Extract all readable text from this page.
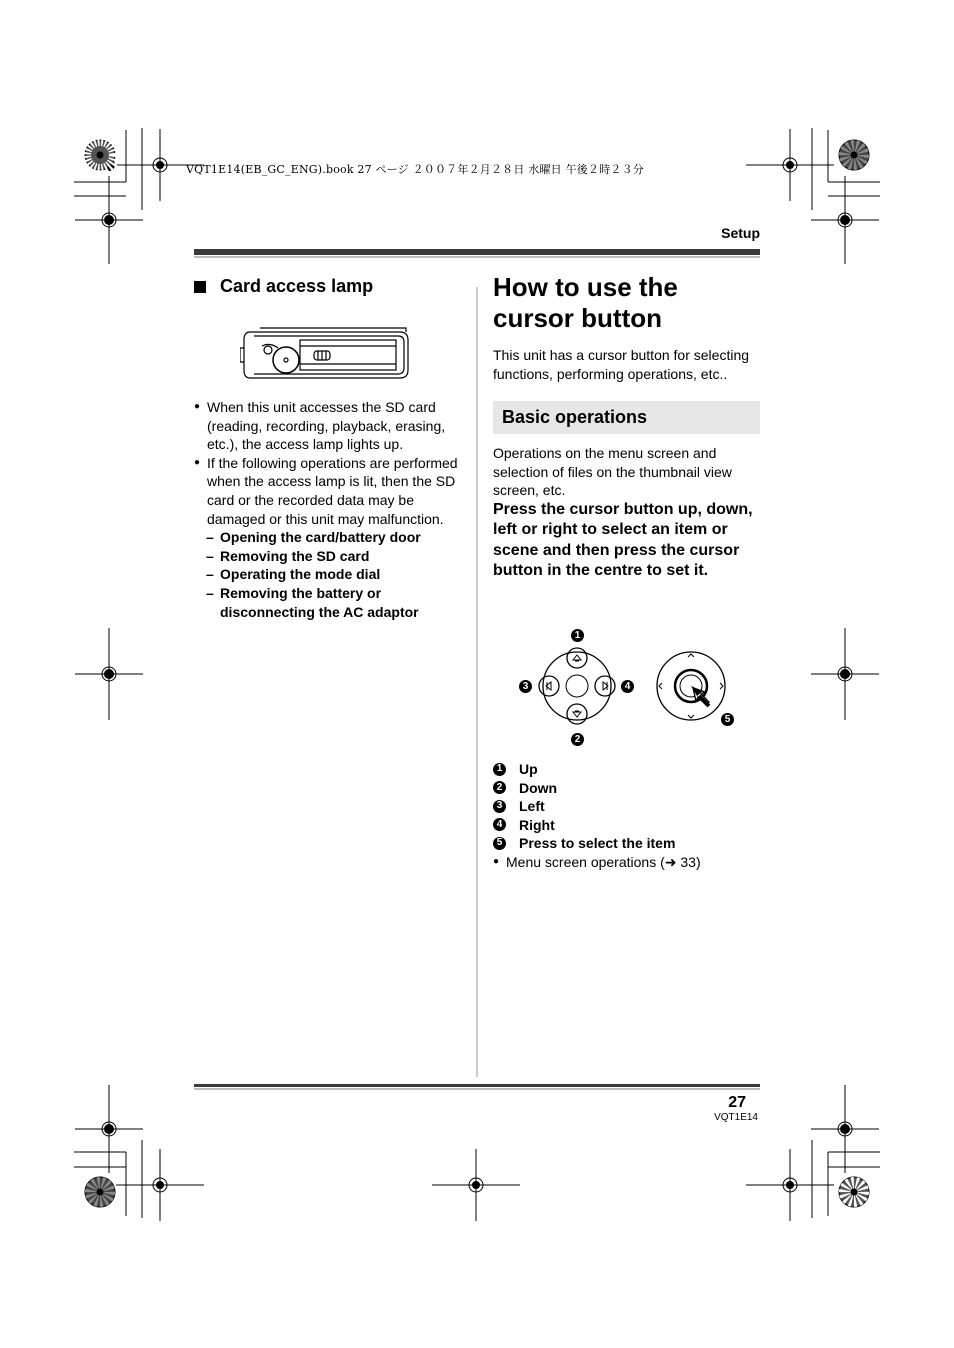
VQT1E14(EB_GC_ENG).book 27 ページ ２００７年２月２８日 水曜日 午後２時２３分
Setup
Card access lamp
● When this unit accesses the SD card (reading, recording, playback, erasing, etc.), the access lamp lights up.
● If the following operations are performed when the access lamp is lit, then the SD card or the recorded data may be damaged or this unit may malfunction.
– Opening the card/battery door
– Removing the SD card
– Operating the mode dial
– Removing the battery or disconnecting the AC adaptor
How to use the
cursor button
This unit has a cursor button for selecting functions, performing operations, etc..
Basic operations
Operations on the menu screen and selection of files on the thumbnail view screen, etc.
Press the cursor button up, down, left or right to select an item or scene and then press the cursor button in the centre to set it.
1
2
3	4
5
1 Up
2 Down
3 Left
4 Right
5 Press to select the item
● Menu screen operations (➜ 33)
27
VQT1E14
